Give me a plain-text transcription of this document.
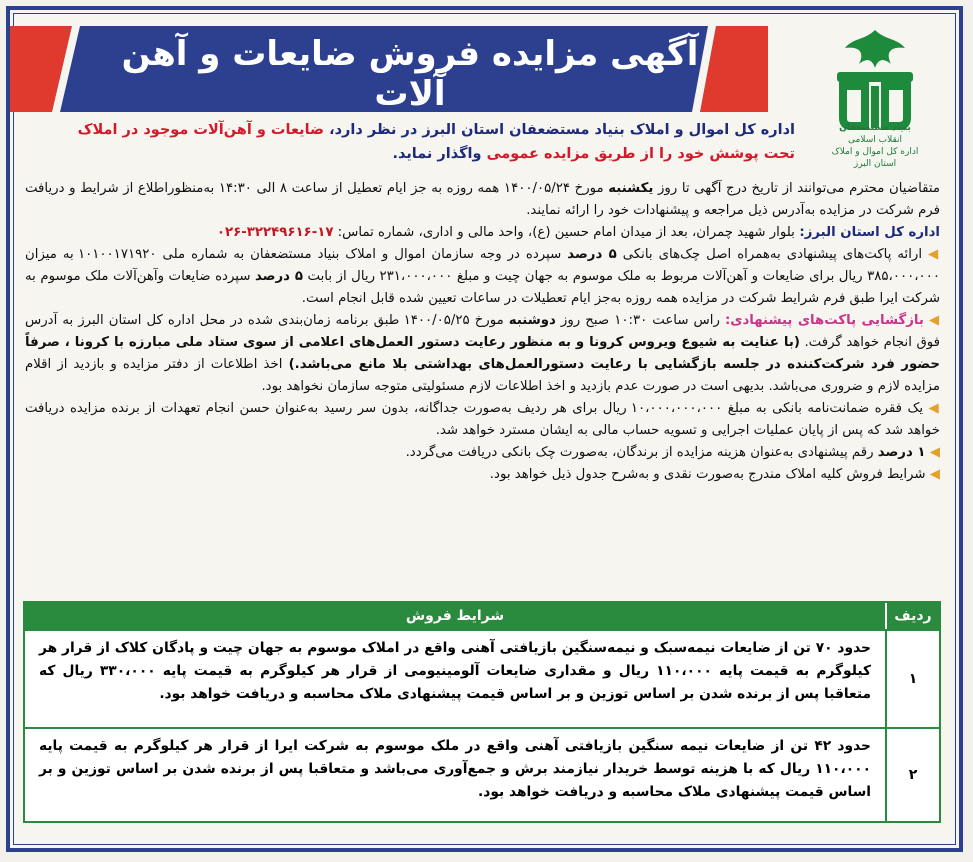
آگهی مزایده فروش ضایعات و آهن آلات
بنیاد مستضعفان
انقلاب اسلامی
اداره کل اموال و املاک
استان البرز
اداره کل اموال و املاک بنیاد مستضعفان استان البرز در نظر دارد، ضایعات و آهن‌آلات موجود در املاک تحت پوشش خود را از طریق مزایده عمومی واگذار نماید.

متقاضیان محترم می‌توانند از تاریخ درج آگهی تا روز یکشنبه مورخ ۱۴۰۰/۰۵/۲۴ همه روزه به جز ایام تعطیل از ساعت ۸ الی ۱۴:۳۰ به‌منظوراطلاع از شرایط و دریافت فرم شرکت در مزایده به‌آدرس ذیل مراجعه و پیشنهادات خود را ارائه نمایند.

اداره کل استان البرز: بلوار شهید چمران، بعد از میدان امام حسین (ع)، واحد مالی و اداری، شماره تماس: ۱۷-۳۲۲۴۹۶۱۶-۰۲۶

◀ ارائه پاکت‌های پیشنهادی به‌همراه اصل چک‌های بانکی ۵ درصد سپرده در وجه سازمان اموال و املاک بنیاد مستضعفان به شماره ملی ۱۰۱۰۰۱۷۱۹۲۰ به میزان ۳۸۵،۰۰۰،۰۰۰ ریال برای ضایعات و آهن‌آلات مربوط به ملک موسوم به جهان چیت و مبلغ ۲۳۱،۰۰۰،۰۰۰ ریال از بابت ۵ درصد سپرده ضایعات وآهن‌آلات ملک موسوم به شرکت ایرا طبق فرم شرایط شرکت در مزایده همه روزه به‌جز ایام تعطیلات در ساعات تعیین شده قابل انجام است.

◀ بازگشایی پاکت‌های پیشنهادی: راس ساعت ۱۰:۳۰ صبح روز دوشنبه مورخ ۱۴۰۰/۰۵/۲۵ طبق برنامه زمان‌بندی شده در محل اداره کل استان البرز به آدرس فوق انجام خواهد گرفت. (با عنایت به شیوع ویروس کرونا و به منظور رعایت دستور العمل‌های اعلامی از سوی ستاد ملی مبارزه با کرونا ، صرفاً حضور فرد شرکت‌کننده در جلسه بازگشایی با رعایت دستورالعمل‌های بهداشتی بلا مانع می‌باشد.) اخذ اطلاعات از دفتر مزایده و بازدید از اقلام مزایده لازم و ضروری می‌باشد. بدیهی است در صورت عدم بازدید و اخذ اطلاعات لازم مسئولیتی متوجه سازمان نخواهد بود.

◀ یک فقره ضمانت‌نامه بانکی به مبلغ ۱۰،۰۰۰،۰۰۰،۰۰۰ ریال برای هر ردیف به‌صورت جداگانه، بدون سر رسید به‌عنوان حسن انجام تعهدات از برنده مزایده دریافت خواهد شد که پس از پایان عملیات اجرایی و تسویه حساب مالی به ایشان مسترد خواهد شد.

◀ ۱ درصد رقم پیشنهادی به‌عنوان هزینه مزایده از برندگان، به‌صورت چک بانکی دریافت می‌گردد.

◀ شرایط فروش کلیه املاک مندرج به‌صورت نقدی و به‌شرح جدول ذیل خواهد بود.

ردیف
شرایط فروش
۱
حدود ۷۰ تن از ضایعات نیمه‌سبک و نیمه‌سنگین بازیافتی آهنی واقع در املاک موسوم به جهان چیت و پادگان کلاک از قرار هر کیلوگرم به قیمت پایه ۱۱۰،۰۰۰ ریال و مقداری ضایعات آلومینیومی از قرار هر کیلوگرم به قیمت پایه ۳۳۰،۰۰۰ ریال که متعاقبا پس از برنده شدن بر اساس توزین و بر اساس قیمت پیشنهادی ملاک محاسبه و دریافت خواهد بود.
۲
حدود ۴۲ تن از ضایعات نیمه سنگین بازیافتی آهنی واقع در ملک موسوم به شرکت ایرا از قرار هر کیلوگرم به قیمت پایه ۱۱۰،۰۰۰ ریال که با هزینه توسط خریدار نیازمند برش و جمع‌آوری می‌باشد و متعاقبا پس از برنده شدن بر اساس توزین و بر اساس قیمت پیشنهادی ملاک محاسبه و دریافت خواهد بود.
